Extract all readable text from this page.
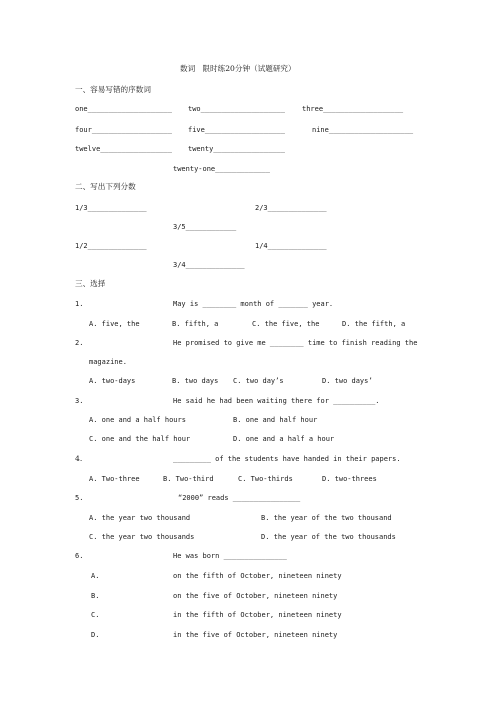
数词   限时练20分钟（试题研究）
一、容易写错的序数词
one____________________ two____________________ three___________________
four___________________ five___________________	nine____________________
twelve_________________ twenty_________________
twenty-one_____________
二、写出下列分数
1/3______________	2/3______________
3/5____________
1/2______________	1/4______________
3/4______________
三、选择
1.	May is ________ month of _______ year.
A. five, the	B. fifth, a	C. the five, the	D. the fifth, a
2.	He promised to give me ________ time to finish reading the
magazine.
A. two-days	B. two days C. two day’s	D. two days’
3.	He said he had been waiting there for __________.
A. one and a half hours	B. one and half hour
C. one and the half hour	D. one and a half a hour
4.	_________ of the students have handed in their papers.
A. Two-three	B. Two-third	C. Two-thirds	D. two-threes
5.	“2000” reads ________________
A. the year two thousand	B. the year of the two thousand
C. the year two thousands	D. the year of the two thousands
6.	He was born _______________
A.	on the fifth of October, nineteen ninety
B.	on the five of October, nineteen ninety
C.	in the fifth of October, nineteen ninety
D.	in the five of October, nineteen ninety
